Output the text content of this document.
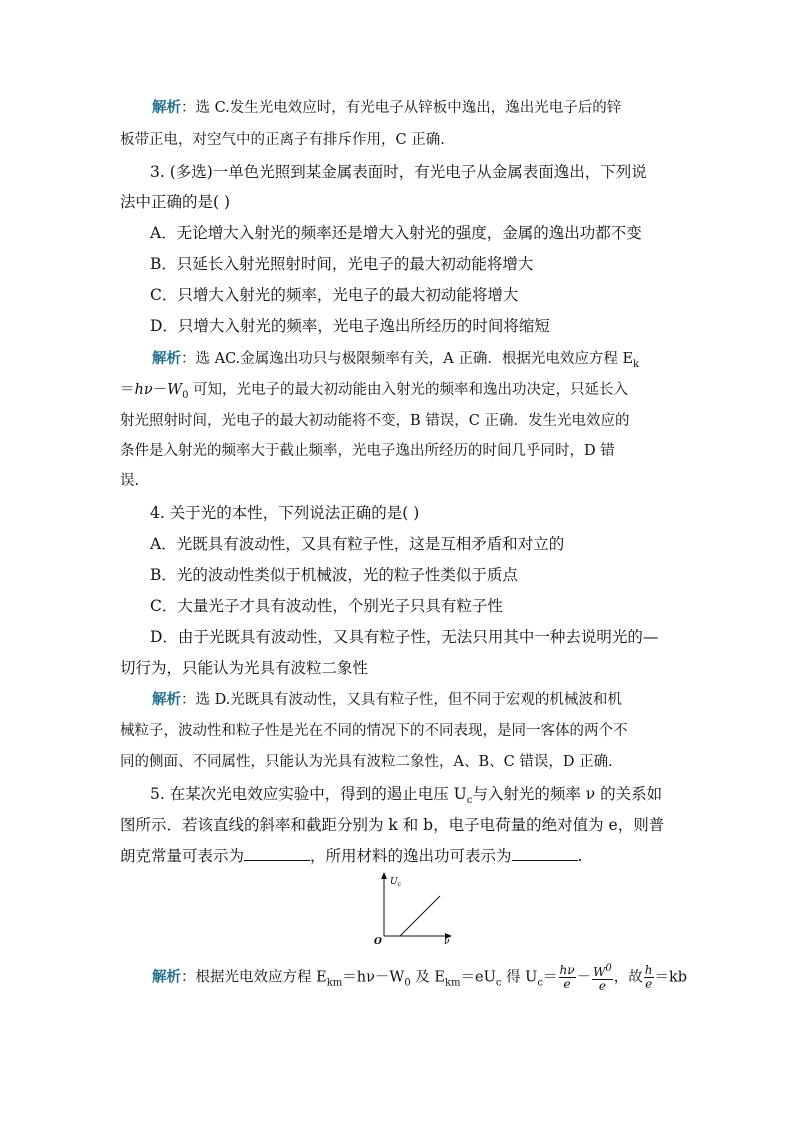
解析：选 C.发生光电效应时，有光电子从锌板中逸出，逸出光电子后的锌
板带正电，对空气中的正离子有排斥作用，C 正确.
3. (多选)一单色光照到某金属表面时，有光电子从金属表面逸出，下列说
法中正确的是( )
A．无论增大入射光的频率还是增大入射光的强度，金属的逸出功都不变
B．只延长入射光照射时间，光电子的最大初动能将增大
C．只增大入射光的频率，光电子的最大初动能将增大
D．只增大入射光的频率，光电子逸出所经历的时间将缩短
解析：选 AC.金属逸出功只与极限频率有关，A 正确．根据光电效应方程 $E_k$
$=h\nu-W_0$ 可知，光电子的最大初动能由入射光的频率和逸出功决定，只延长入
射光照射时间，光电子的最大初动能将不变，B 错误，C 正确．发生光电效应的
条件是入射光的频率大于截止频率，光电子逸出所经历的时间几乎同时，D 错
误.
4. 关于光的本性，下列说法正确的是( )
A．光既具有波动性，又具有粒子性，这是互相矛盾和对立的
B．光的波动性类似于机械波，光的粒子性类似于质点
C．大量光子才具有波动性，个别光子只具有粒子性
D．由于光既具有波动性，又具有粒子性，无法只用其中一种去说明光的—
切行为，只能认为光具有波粒二象性
解析：选 D.光既具有波动性，又具有粒子性，但不同于宏观的机械波和机
械粒子，波动性和粒子性是光在不同的情况下的不同表现，是同一客体的两个不
同的侧面、不同属性，只能认为光具有波粒二象性，A、B、C 错误，D 正确.
5. 在某次光电效应实验中，得到的遏止电压 $U_c$与入射光的频率 ν 的关系如
图所示．若该直线的斜率和截距分别为 k 和 b，电子电荷量的绝对值为 e，则普
朗克常量可表示为	，所用材料的逸出功可表示为	.
$U_c$
O	ν
解析：根据光电效应方程 $E_{km}=h\nu-W_0$ 及 $E_{km}=eU_c$ 得 $U_c= \frac{h\nu}{e} - \frac{W^0}{e}$ ，故 $\frac{h}{e} =kb$
